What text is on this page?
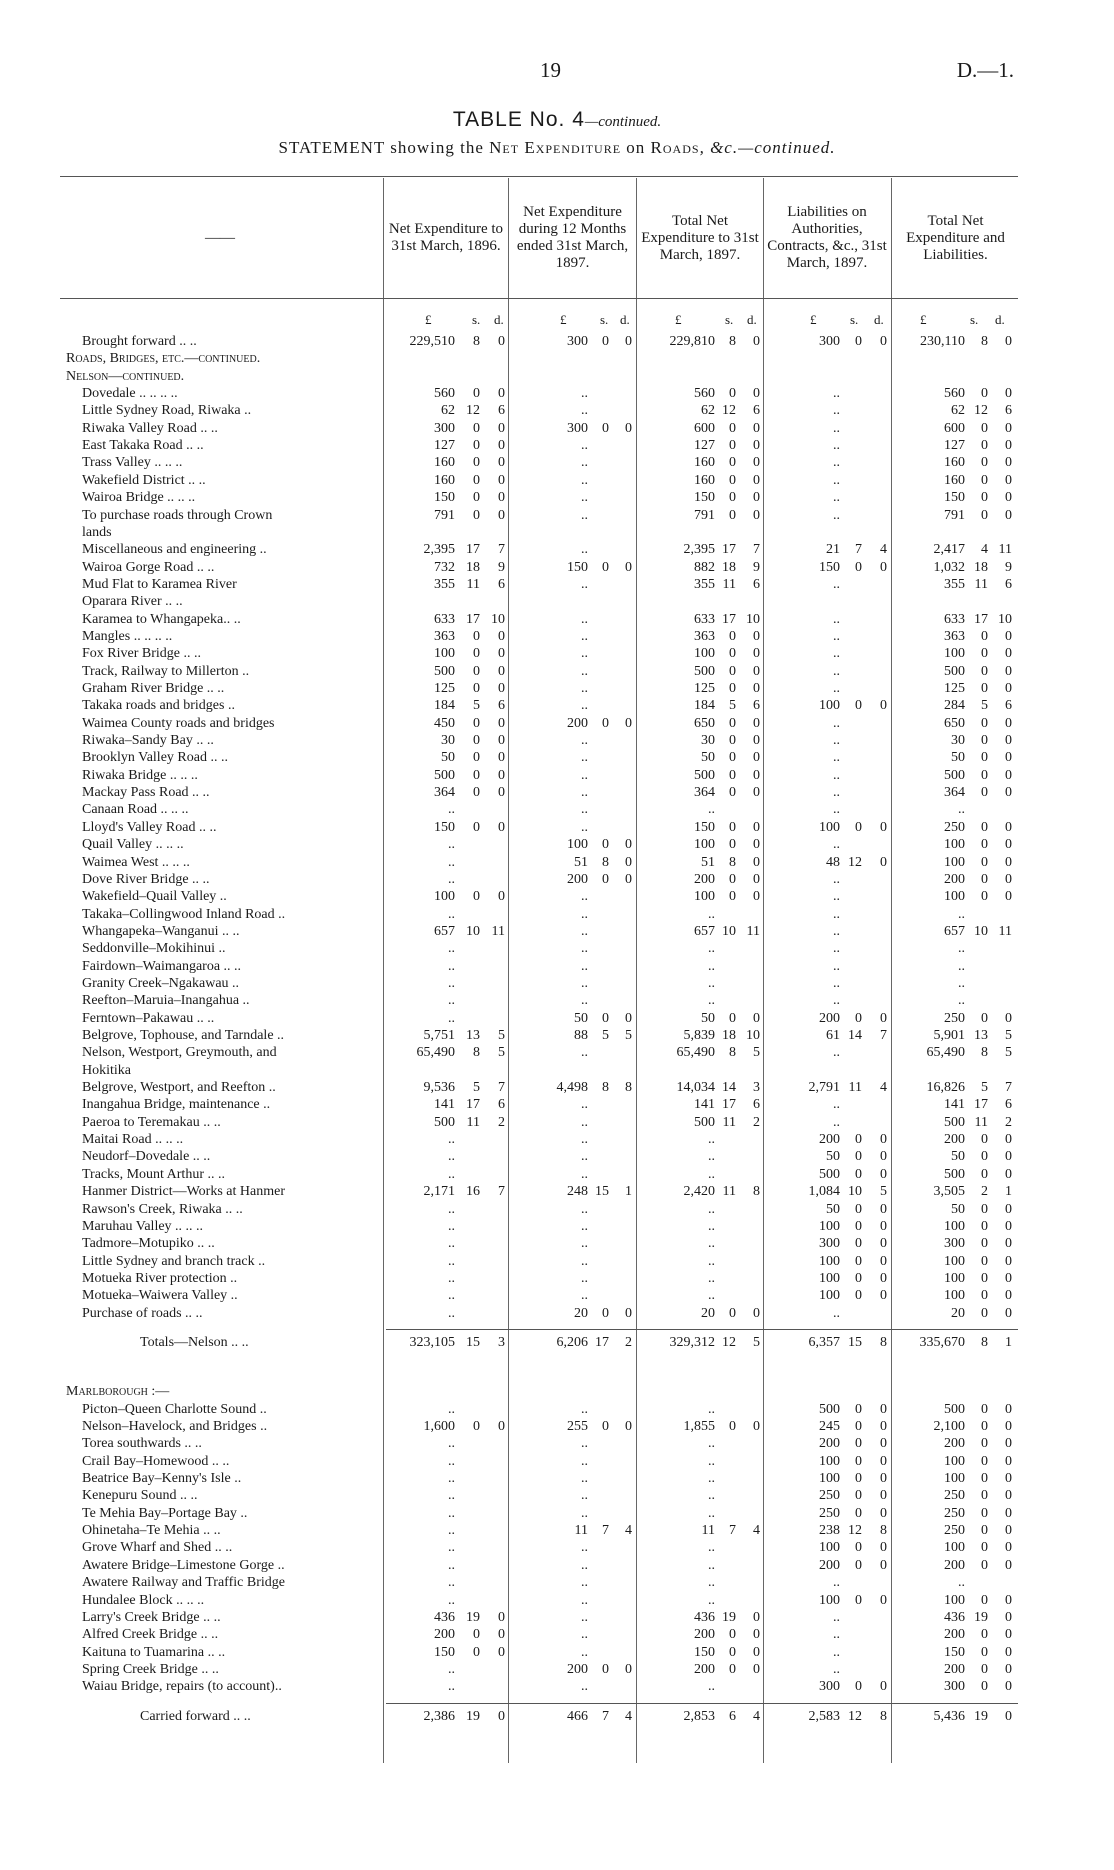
19	D.—1.
TABLE No. 4—continued.
STATEMENT showing the Net Expenditure on Roads, &c.—continued.
——
Net Expenditure to 31st March, 1896.
Net Expenditure during 12 Months ended 31st March, 1897.
Total Net Expenditure to 31st March, 1897.
Liabilities on Authorities, Contracts, &c., 31st March, 1897.
Total Net Expenditure and Liabilities.
£	s. d.	£	s. d.	£	s. d.	£	s. d.	£	s. d.
Brought forward .. ..	229,510 8 0	300 0 0	229,810 8 0	300 0 0 230,110 8 0
Roads, Bridges, etc.—continued.
Nelson—continued.
Dovedale .. .. .. ..	560 0 0	..	560 0 0	..	560 0 0
Little Sydney Road, Riwaka ..	62 12 6	..	62 12 6	..	62 12 6
Riwaka Valley Road .. ..	300 0 0	300 0 0	600 0 0	..	600 0 0
East Takaka Road .. ..	127 0 0	..	127 0 0	..	127 0 0
Trass Valley .. .. ..	160 0 0	..	160 0 0	..	160 0 0
Wakefield District .. ..	160 0 0	..	160 0 0	..	160 0 0
Wairoa Bridge .. .. ..	150 0 0	..	150 0 0	..	150 0 0
To purchase roads through Crown	791 0 0	..	791 0 0	..	791 0 0
lands
Miscellaneous and engineering ..	2,395 17 7	..	2,395 17 7	21 7 4	2,417 4 11
Wairoa Gorge Road .. ..	732 18 9	150 0 0	882 18 9	150 0 0	1,032 18 9
Mud Flat to Karamea River	355 11 6	..	355 11 6	..	355 11 6
Oparara River .. ..
Karamea to Whangapeka.. ..	633 17 10	..	633 17 10	..	633 17 10
Mangles .. .. .. ..	363 0 0	..	363 0 0	..	363 0 0
Fox River Bridge .. ..	100 0 0	..	100 0 0	..	100 0 0
Track, Railway to Millerton ..	500 0 0	..	500 0 0	..	500 0 0
Graham River Bridge .. ..	125 0 0	..	125 0 0	..	125 0 0
Takaka roads and bridges ..	184 5 6	..	184 5 6	100 0 0	284 5 6
Waimea County roads and bridges	450 0 0	200 0 0	650 0 0	..	650 0 0
Riwaka–Sandy Bay .. ..	30 0 0	..	30 0 0	..	30 0 0
Brooklyn Valley Road .. ..	50 0 0	..	50 0 0	..	50 0 0
Riwaka Bridge .. .. ..	500 0 0	..	500 0 0	..	500 0 0
Mackay Pass Road .. ..	364 0 0	..	364 0 0	..	364 0 0
Canaan Road .. .. ..	..	..	..	..	..
Lloyd's Valley Road .. ..	150 0 0	..	150 0 0	100 0 0	250 0 0
Quail Valley .. .. ..	..	100 0 0	100 0 0	..	100 0 0
Waimea West .. .. ..	..	51 8 0	51 8 0	48 12 0	100 0 0
Dove River Bridge .. ..	..	200 0 0	200 0 0	..	200 0 0
Wakefield–Quail Valley ..	100 0 0	..	100 0 0	..	100 0 0
Takaka–Collingwood Inland Road ..	..	..	..	..	..
Whangapeka–Wanganui .. ..	657 10 11	..	657 10 11	..	657 10 11
Seddonville–Mokihinui ..	..	..	..	..	..
Fairdown–Waimangaroa .. ..	..	..	..	..	..
Granity Creek–Ngakawau ..	..	..	..	..	..
Reefton–Maruia–Inangahua ..	..	..	..	..	..
Ferntown–Pakawau .. ..	..	50 0 0	50 0 0	200 0 0	250 0 0
Belgrove, Tophouse, and Tarndale ..	5,751 13 5	88 5 5	5,839 18 10	61 14 7	5,901 13 5
Nelson, Westport, Greymouth, and	65,490 8 5	..	65,490 8 5	..	65,490 8 5
Hokitika
Belgrove, Westport, and Reefton ..	9,536 5 7	4,498 8 8	14,034 14 3	2,791 11 4	16,826 5 7
Inangahua Bridge, maintenance ..	141 17 6	..	141 17 6	..	141 17 6
Paeroa to Teremakau .. ..	500 11 2	..	500 11 2	..	500 11 2
Maitai Road .. .. ..	..	..	..	200 0 0	200 0 0
Neudorf–Dovedale .. ..	..	..	..	50 0 0	50 0 0
Tracks, Mount Arthur .. ..	..	..	..	500 0 0	500 0 0
Hanmer District—Works at Hanmer	2,171 16 7	248 15 1	2,420 11 8	1,084 10 5	3,505 2 1
Rawson's Creek, Riwaka .. ..	..	..	..	50 0 0	50 0 0
Maruhau Valley .. .. ..	..	..	..	100 0 0	100 0 0
Tadmore–Motupiko .. ..	..	..	..	300 0 0	300 0 0
Little Sydney and branch track ..	..	..	..	100 0 0	100 0 0
Motueka River protection ..	..	..	..	100 0 0	100 0 0
Motueka–Waiwera Valley ..	..	..	..	100 0 0	100 0 0
Purchase of roads .. ..	..	20 0 0	20 0 0	..	20 0 0
Totals—Nelson .. ..	323,105 15 3	6,206 17 2	329,312 12 5	6,357 15 8 335,670 8 1
Marlborough :—
Picton–Queen Charlotte Sound ..	..	..	..	500 0 0	500 0 0
Nelson–Havelock, and Bridges ..	1,600 0 0	255 0 0	1,855 0 0	245 0 0	2,100 0 0
Torea southwards .. ..	..	..	..	200 0 0	200 0 0
Crail Bay–Homewood .. ..	..	..	..	100 0 0	100 0 0
Beatrice Bay–Kenny's Isle ..	..	..	..	100 0 0	100 0 0
Kenepuru Sound .. ..	..	..	..	250 0 0	250 0 0
Te Mehia Bay–Portage Bay ..	..	..	..	250 0 0	250 0 0
Ohinetaha–Te Mehia .. ..	..	11 7 4	11 7 4	238 12 8	250 0 0
Grove Wharf and Shed .. ..	..	..	..	100 0 0	100 0 0
Awatere Bridge–Limestone Gorge ..	..	..	..	200 0 0	200 0 0
Awatere Railway and Traffic Bridge	..	..	..	..	..
Hundalee Block .. .. ..	..	..	..	100 0 0	100 0 0
Larry's Creek Bridge .. ..	436 19 0	..	436 19 0	..	436 19 0
Alfred Creek Bridge .. ..	200 0 0	..	200 0 0	..	200 0 0
Kaituna to Tuamarina .. ..	150 0 0	..	150 0 0	..	150 0 0
Spring Creek Bridge .. ..	..	200 0 0	200 0 0	..	200 0 0
Waiau Bridge, repairs (to account)..	..	..	..	300 0 0	300 0 0
Carried forward .. ..	2,386 19 0	466 7 4	2,853 6 4	2,583 12 8	5,436 19 0
